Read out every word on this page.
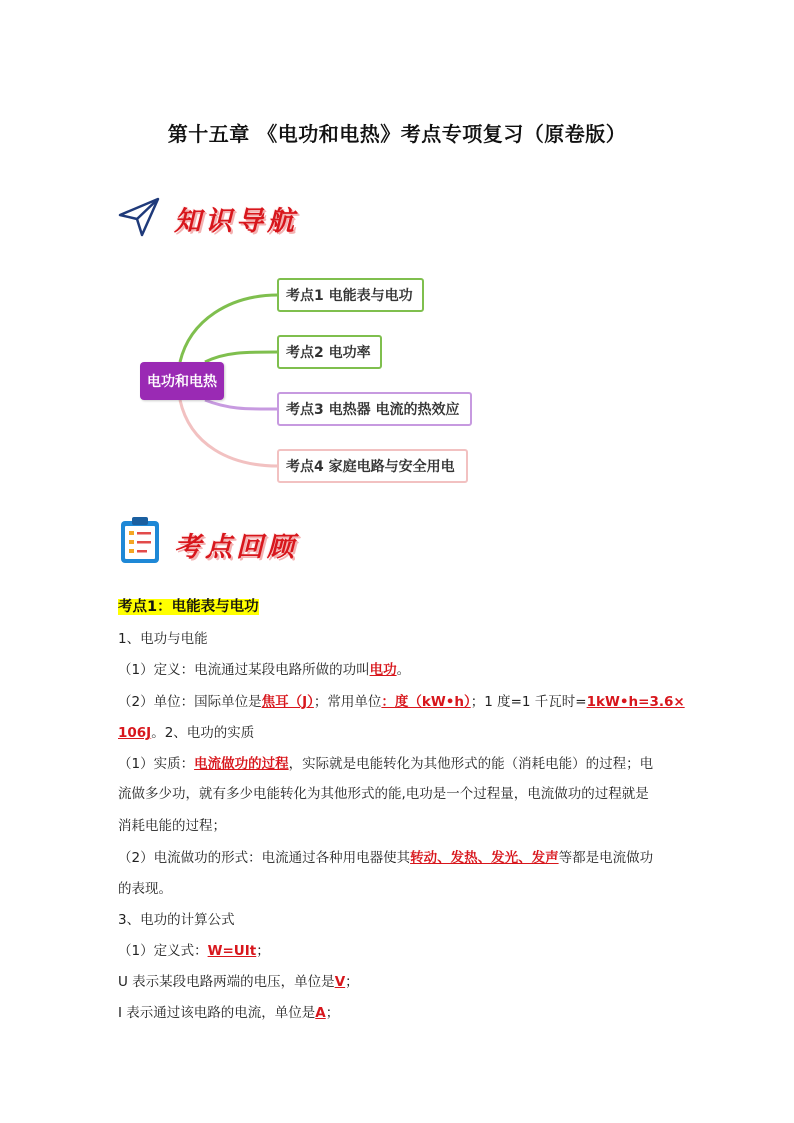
第十五章 《电功和电热》考点专项复习（原卷版）
知识导航
电功和电热
考点1 电能表与电功
考点2 电功率
考点3 电热器 电流的热效应
考点4 家庭电路与安全用电
考点回顾
考点1：电能表与电功
1、电功与电能
（1）定义：电流通过某段电路所做的功叫电功。
（2）单位：国际单位是焦耳（J）；常用单位：度（kW•h）；1 度=1 千瓦时=1kW•h=3.6×
106J。2、电功的实质
（1）实质：电流做功的过程，实际就是电能转化为其他形式的能（消耗电能）的过程；电
流做多少功，就有多少电能转化为其他形式的能,电功是一个过程量，电流做功的过程就是
消耗电能的过程；
（2）电流做功的形式：电流通过各种用电器使其转动、发热、发光、发声等都是电流做功
的表现。
3、电功的计算公式
（1）定义式：W=UIt；
U 表示某段电路两端的电压，单位是V；
I 表示通过该电路的电流，单位是A；
